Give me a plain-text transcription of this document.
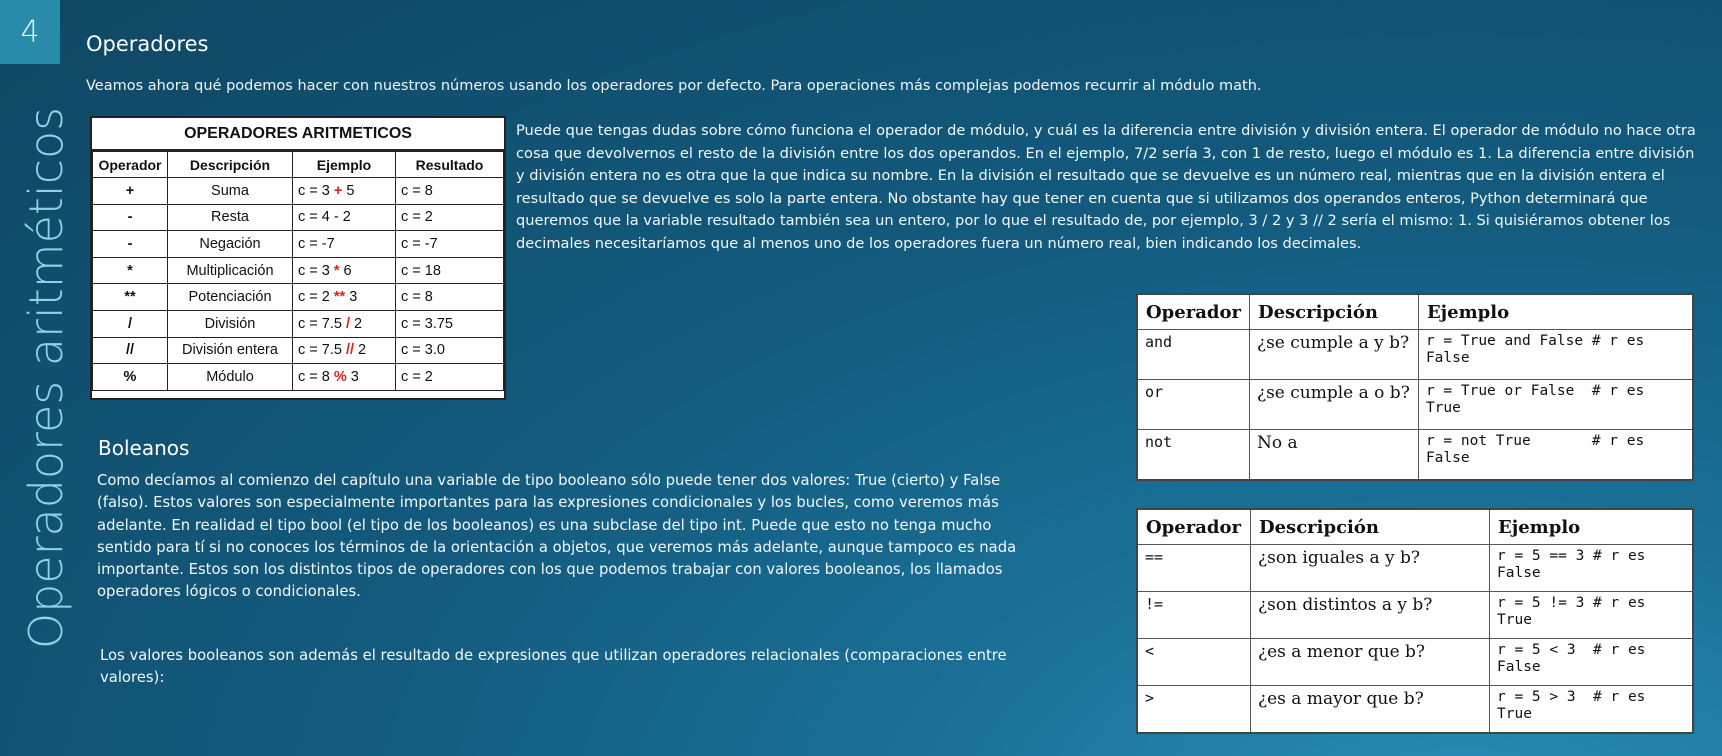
4
Operadores aritméticos
Operadores
Veamos ahora qué podemos hacer con nuestros números usando los operadores por defecto. Para operaciones más complejas podemos recurrir al módulo math.
OPERADORES ARITMETICOS
Operador	Descripción	Ejemplo	Resultado
+	Suma	c = 3 + 5	c = 8
-	Resta	c = 4 - 2	c = 2
-	Negación	c = -7	c = -7
*	Multiplicación	c = 3 * 6	c = 18
**	Potenciación	c = 2 ** 3	c = 8
/	División	c = 7.5 / 2	c = 3.75
//	División entera	c = 7.5 // 2	c = 3.0
%	Módulo	c = 8 % 3	c = 2
Puede que tengas dudas sobre cómo funciona el operador de módulo, y cuál es la diferencia entre división y división entera. El operador de módulo no hace otra cosa que devolvernos el resto de la división entre los dos operandos. En el ejemplo, 7/2 sería 3, con 1 de resto, luego el módulo es 1. La diferencia entre división y división entera no es otra que la que indica su nombre. En la división el resultado que se devuelve es un número real, mientras que en la división entera el resultado que se devuelve es solo la parte entera. No obstante hay que tener en cuenta que si utilizamos dos operandos enteros, Python determinará que queremos que la variable resultado también sea un entero, por lo que el resultado de, por ejemplo, 3 / 2 y 3 // 2 sería el mismo: 1. Si quisiéramos obtener los decimales necesitaríamos que al menos uno de los operadores fuera un número real, bien indicando los decimales.
Boleanos
Como decíamos al comienzo del capítulo una variable de tipo booleano sólo puede tener dos valores: True (cierto) y False (falso). Estos valores son especialmente importantes para las expresiones condicionales y los bucles, como veremos más adelante. En realidad el tipo bool (el tipo de los booleanos) es una subclase del tipo int. Puede que esto no tenga mucho sentido para tí si no conoces los términos de la orientación a objetos, que veremos más adelante, aunque tampoco es nada importante. Estos son los distintos tipos de operadores con los que podemos trabajar con valores booleanos, los llamados operadores lógicos o condicionales.
Los valores booleanos son además el resultado de expresiones que utilizan operadores relacionales (comparaciones entre valores):
Operador	Descripción	Ejemplo
and	¿se cumple a y b?	r = True and False # r es
False
or	¿se cumple a o b?	r = True or False  # r es
True
not	No a	r = not True       # r es
False
Operador	Descripción	Ejemplo
==	¿son iguales a y b?	r = 5 == 3 # r es
False
!=	¿son distintos a y b?	r = 5 != 3 # r es
True
<	¿es a menor que b?	r = 5 < 3  # r es
False
>	¿es a mayor que b?	r = 5 > 3  # r es
True
